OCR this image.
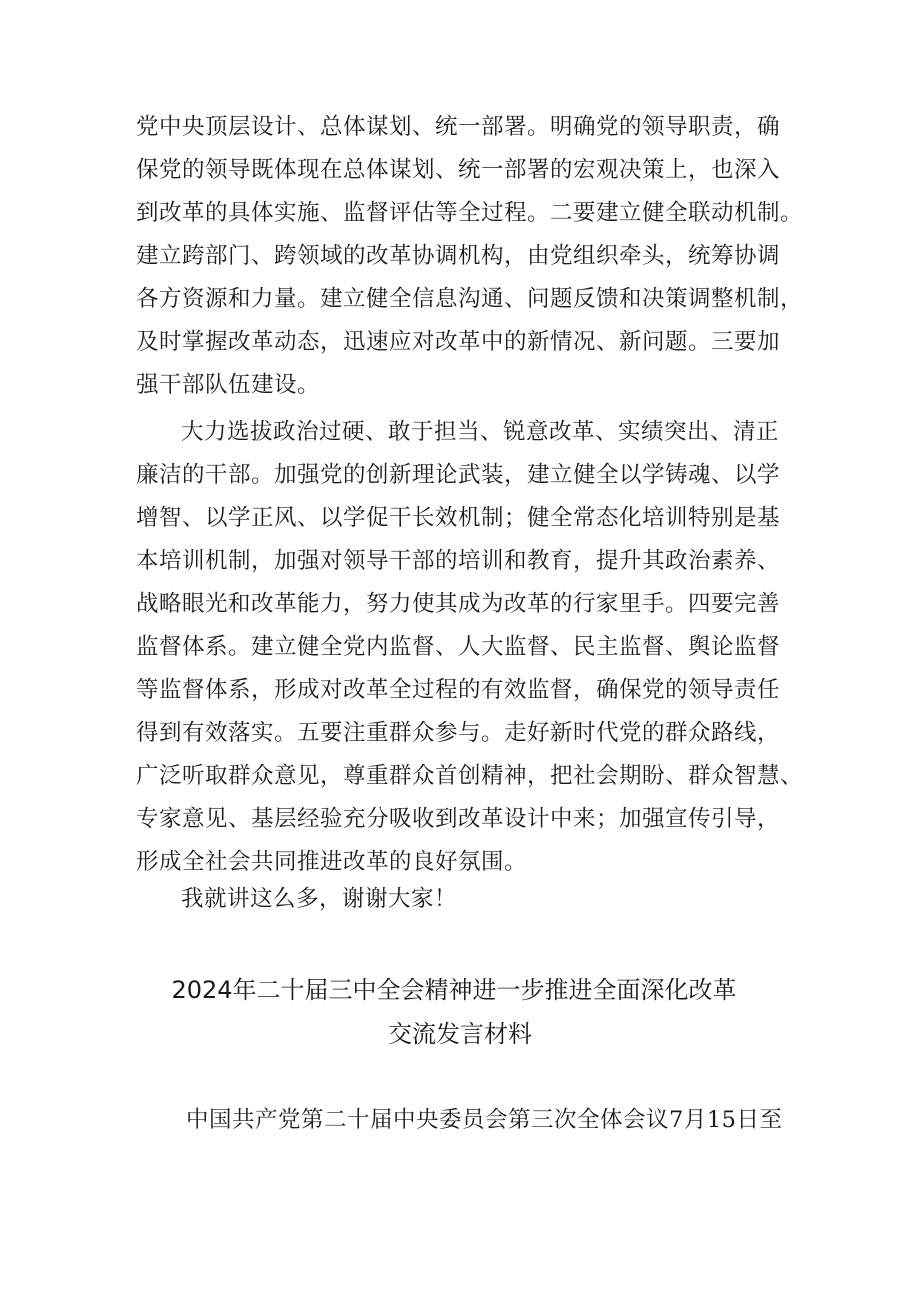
党中央顶层设计、总体谋划、统一部署。明确党的领导职责，确
保党的领导既体现在总体谋划、统一部署的宏观决策上，也深入
到改革的具体实施、监督评估等全过程。二要建立健全联动机制。
建立跨部门、跨领域的改革协调机构，由党组织牵头，统筹协调
各方资源和力量。建立健全信息沟通、问题反馈和决策调整机制，
及时掌握改革动态，迅速应对改革中的新情况、新问题。三要加
强干部队伍建设。
大力选拔政治过硬、敢于担当、锐意改革、实绩突出、清正
廉洁的干部。加强党的创新理论武装，建立健全以学铸魂、以学
增智、以学正风、以学促干长效机制；健全常态化培训特别是基
本培训机制，加强对领导干部的培训和教育，提升其政治素养、
战略眼光和改革能力，努力使其成为改革的行家里手。四要完善
监督体系。建立健全党内监督、人大监督、民主监督、舆论监督
等监督体系，形成对改革全过程的有效监督，确保党的领导责任
得到有效落实。五要注重群众参与。走好新时代党的群众路线，
广泛听取群众意见，尊重群众首创精神，把社会期盼、群众智慧、
专家意见、基层经验充分吸收到改革设计中来；加强宣传引导，
形成全社会共同推进改革的良好氛围。
我就讲这么多，谢谢大家！
2024年二十届三中全会精神进一步推进全面深化改革
交流发言材料
中国共产党第二十届中央委员会第三次全体会议7月15日至
